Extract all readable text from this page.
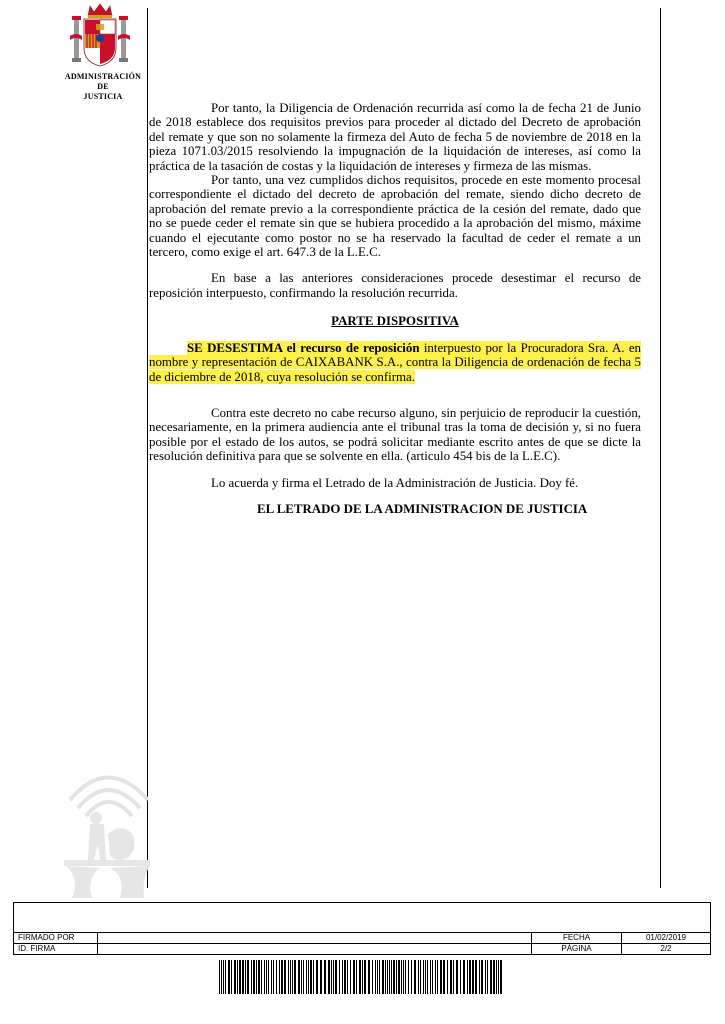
ADMINISTRACIÓN
DE
JUSTICIA

Por tanto, la Diligencia de Ordenación recurrida así como la de fecha 21 de Junio de 2018 establece dos requisitos previos para proceder al dictado del Decreto de aprobación del remate y que son no solamente la firmeza del Auto de fecha 5 de noviembre de 2018 en la pieza 1071.03/2015 resolviendo la impugnación de la liquidación de intereses, así como la práctica de la tasación de costas y la liquidación de intereses y firmeza de las mismas.

Por tanto, una vez cumplidos dichos requisitos, procede en este momento procesal correspondiente el dictado del decreto de aprobación del remate, siendo dicho decreto de aprobación del remate previo a la correspondiente práctica de la cesión del remate, dado que no se puede ceder el remate sin que se hubiera procedido a la aprobación del mismo, máxime cuando el ejecutante como postor no se ha reservado la facultad de ceder el remate a un tercero, como exige el art. 647.3 de la L.E.C.

En base a las anteriores consideraciones procede desestimar el recurso de reposición interpuesto, confirmando la resolución recurrida.

PARTE DISPOSITIVA

SE DESESTIMA el recurso de reposición interpuesto por la Procuradora Sra. A. en nombre y representación de CAIXABANK S.A., contra la Diligencia de ordenación de fecha 5 de diciembre de 2018, cuya resolución se confirma.

Contra este decreto no cabe recurso alguno, sin perjuicio de reproducir la cuestión, necesariamente, en la primera audiencia ante el tribunal tras la toma de decisión y, si no fuera posible por el estado de los autos, se podrá solicitar mediante escrito antes de que se dicte la resolución definitiva para que se solvente en ella. (articulo 454 bis de la L.E.C).

Lo acuerda y firma el Letrado de la Administración de Justicia. Doy fé.

EL LETRADO DE LA ADMINISTRACION DE JUSTICIA
FIRMADO POR	FECHA	01/02/2019
ID. FIRMA	PÁGINA	2/2
